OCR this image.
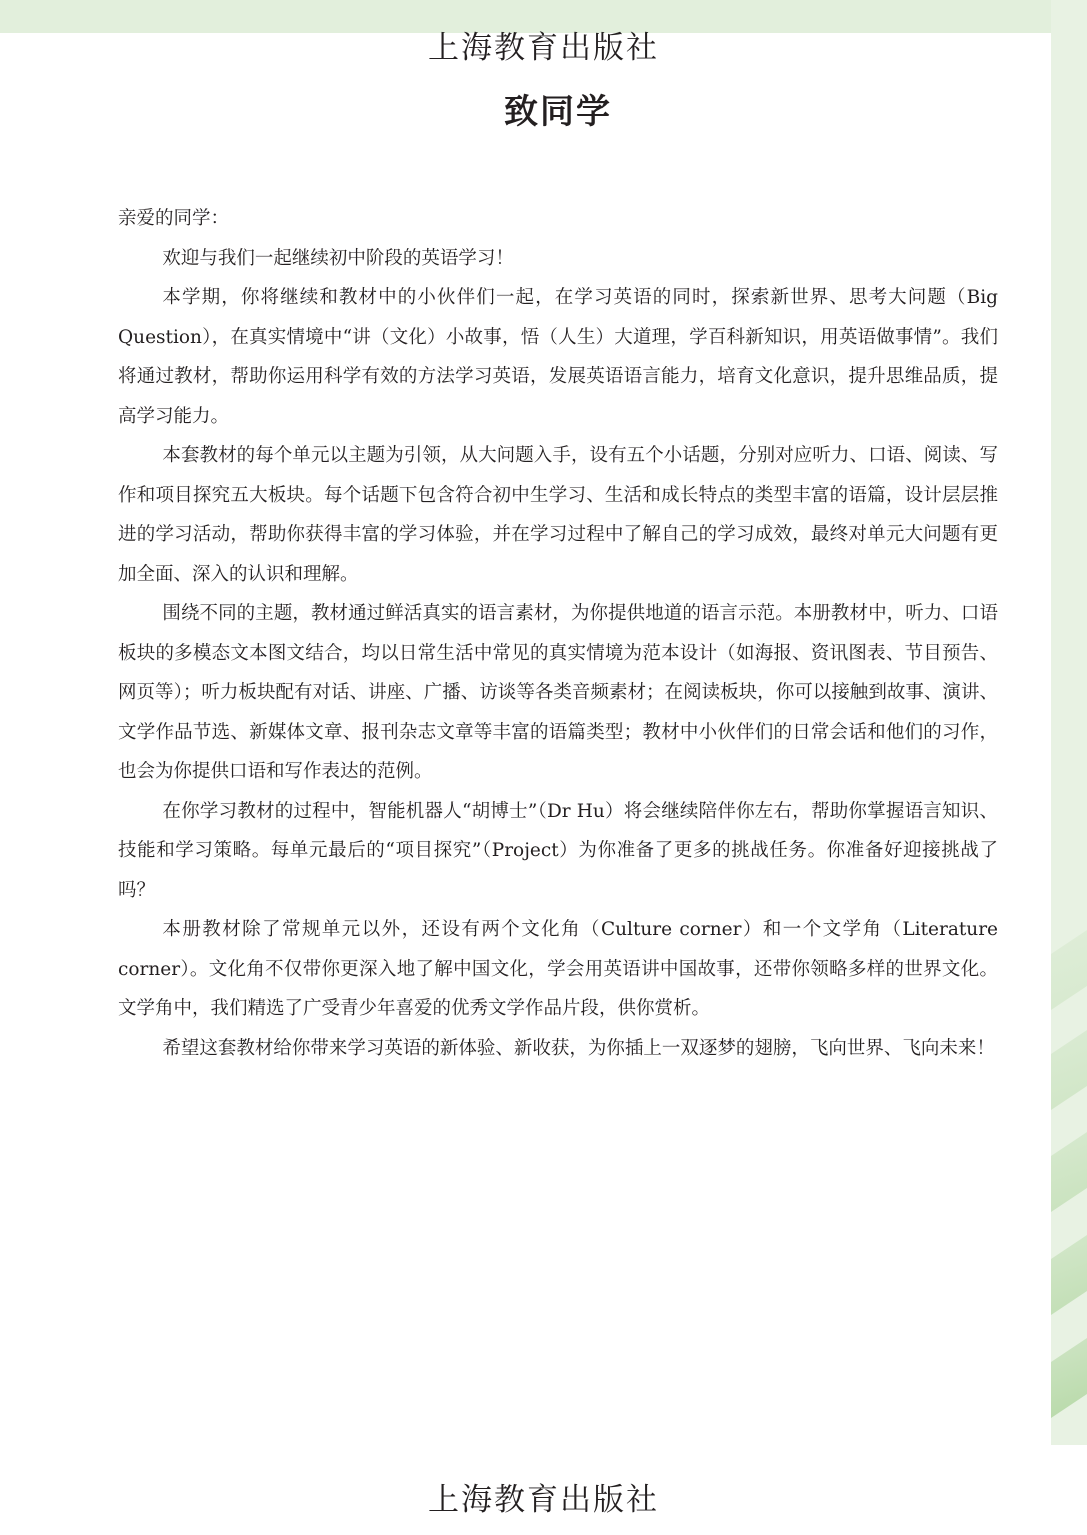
上海教育出版社
致同学

亲爱的同学：

欢迎与我们一起继续初中阶段的英语学习！

本学期，你将继续和教材中的小伙伴们一起，在学习英语的同时，探索新世界、思考大问题（Big Question），在真实情境中“讲（文化）小故事，悟（人生）大道理，学百科新知识，用英语做事情”。我们将通过教材，帮助你运用科学有效的方法学习英语，发展英语语言能力，培育文化意识，提升思维品质，提高学习能力。

本套教材的每个单元以主题为引领，从大问题入手，设有五个小话题，分别对应听力、口语、阅读、写作和项目探究五大板块。每个话题下包含符合初中生学习、生活和成长特点的类型丰富的语篇，设计层层推进的学习活动，帮助你获得丰富的学习体验，并在学习过程中了解自己的学习成效，最终对单元大问题有更加全面、深入的认识和理解。

围绕不同的主题，教材通过鲜活真实的语言素材，为你提供地道的语言示范。本册教材中，听力、口语板块的多模态文本图文结合，均以日常生活中常见的真实情境为范本设计（如海报、资讯图表、节目预告、网页等）；听力板块配有对话、讲座、广播、访谈等各类音频素材；在阅读板块，你可以接触到故事、演讲、文学作品节选、新媒体文章、报刊杂志文章等丰富的语篇类型；教材中小伙伴们的日常会话和他们的习作，也会为你提供口语和写作表达的范例。

在你学习教材的过程中，智能机器人“胡博士”（Dr Hu）将会继续陪伴你左右，帮助你掌握语言知识、技能和学习策略。每单元最后的“项目探究”（Project）为你准备了更多的挑战任务。你准备好迎接挑战了吗？

本册教材除了常规单元以外，还设有两个文化角（Culture corner）和一个文学角（Literature corner）。文化角不仅带你更深入地了解中国文化，学会用英语讲中国故事，还带你领略多样的世界文化。文学角中，我们精选了广受青少年喜爱的优秀文学作品片段，供你赏析。

希望这套教材给你带来学习英语的新体验、新收获，为你插上一双逐梦的翅膀，飞向世界、飞向未来！

上海教育出版社
